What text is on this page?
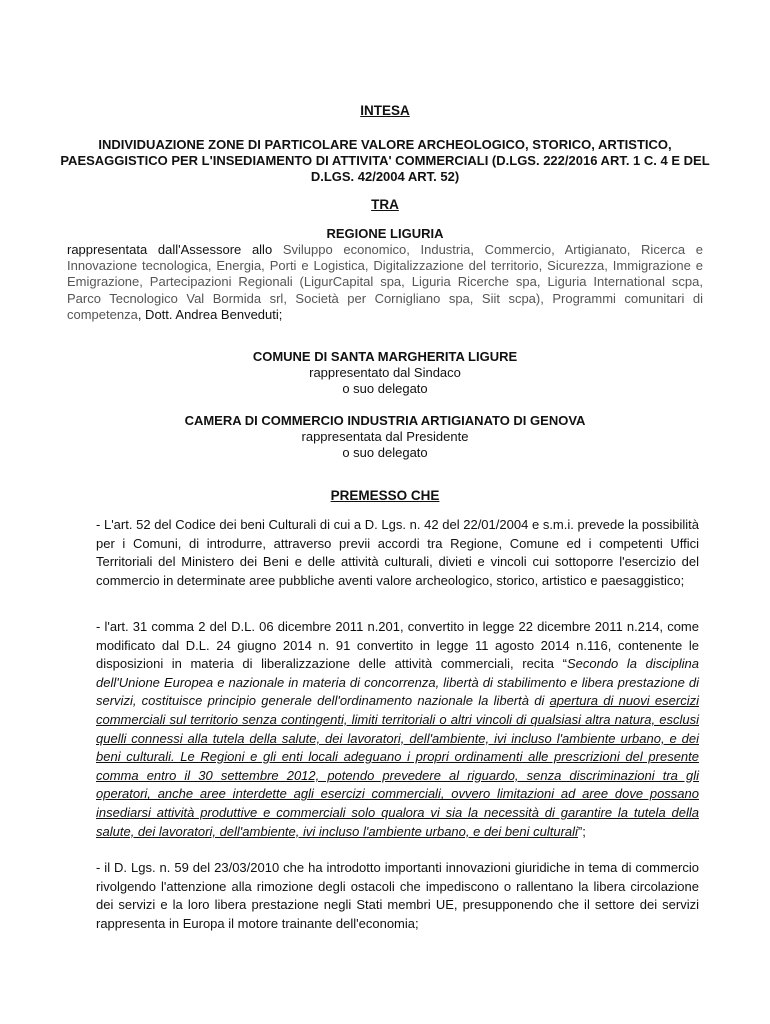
INTESA

INDIVIDUAZIONE ZONE DI PARTICOLARE VALORE ARCHEOLOGICO, STORICO, ARTISTICO, PAESAGGISTICO PER L'INSEDIAMENTO DI ATTIVITA' COMMERCIALI (D.LGS. 222/2016 ART. 1 C. 4 E DEL D.LGS. 42/2004 ART. 52)

TRA
REGIONE LIGURIA

rappresentata dall'Assessore allo Sviluppo economico, Industria, Commercio, Artigianato, Ricerca e Innovazione tecnologica, Energia, Porti e Logistica, Digitalizzazione del territorio, Sicurezza, Immigrazione e Emigrazione, Partecipazioni Regionali (LigurCapital spa, Liguria Ricerche spa, Liguria International scpa, Parco Tecnologico Val Bormida srl, Società per Cornigliano spa, Siit scpa), Programmi comunitari di competenza, Dott. Andrea Benveduti;

COMUNE DI SANTA MARGHERITA LIGURE
rappresentato dal Sindaco
o suo delegato
CAMERA DI COMMERCIO INDUSTRIA ARTIGIANATO DI GENOVA
rappresentata dal Presidente
o suo delegato
PREMESSO CHE

- L'art. 52 del Codice dei beni Culturali di cui a D. Lgs. n. 42 del 22/01/2004 e s.m.i. prevede la possibilità per i Comuni, di introdurre, attraverso previi accordi tra Regione, Comune ed i competenti Uffici Territoriali del Ministero dei Beni e delle attività culturali, divieti e vincoli cui sottoporre l'esercizio del commercio in determinate aree pubbliche aventi valore archeologico, storico, artistico e paesaggistico;

- l'art. 31 comma 2 del D.L. 06 dicembre 2011 n.201, convertito in legge 22 dicembre 2011 n.214, come modificato dal D.L. 24 giugno 2014 n. 91 convertito in legge 11 agosto 2014 n.116, contenente le disposizioni in materia di liberalizzazione delle attività commerciali, recita “Secondo la disciplina dell'Unione Europea e nazionale in materia di concorrenza, libertà di stabilimento e libera prestazione di servizi, costituisce principio generale dell'ordinamento nazionale la libertà di apertura di nuovi esercizi commerciali sul territorio senza contingenti, limiti territoriali o altri vincoli di qualsiasi altra natura, esclusi quelli connessi alla tutela della salute, dei lavoratori, dell'ambiente, ivi incluso l'ambiente urbano, e dei beni culturali. Le Regioni e gli enti locali adeguano i propri ordinamenti alle prescrizioni del presente comma entro il 30 settembre 2012, potendo prevedere al riguardo, senza discriminazioni tra gli operatori, anche aree interdette agli esercizi commerciali, ovvero limitazioni ad aree dove possano insediarsi attività produttive e commerciali solo qualora vi sia la necessità di garantire la tutela della salute, dei lavoratori, dell'ambiente, ivi incluso l'ambiente urbano, e dei beni culturali”;

- il D. Lgs. n. 59 del 23/03/2010 che ha introdotto importanti innovazioni giuridiche in tema di commercio rivolgendo l'attenzione alla rimozione degli ostacoli che impediscono o rallentano la libera circolazione dei servizi e la loro libera prestazione negli Stati membri UE, presupponendo che il settore dei servizi rappresenta in Europa il motore trainante dell'economia;
